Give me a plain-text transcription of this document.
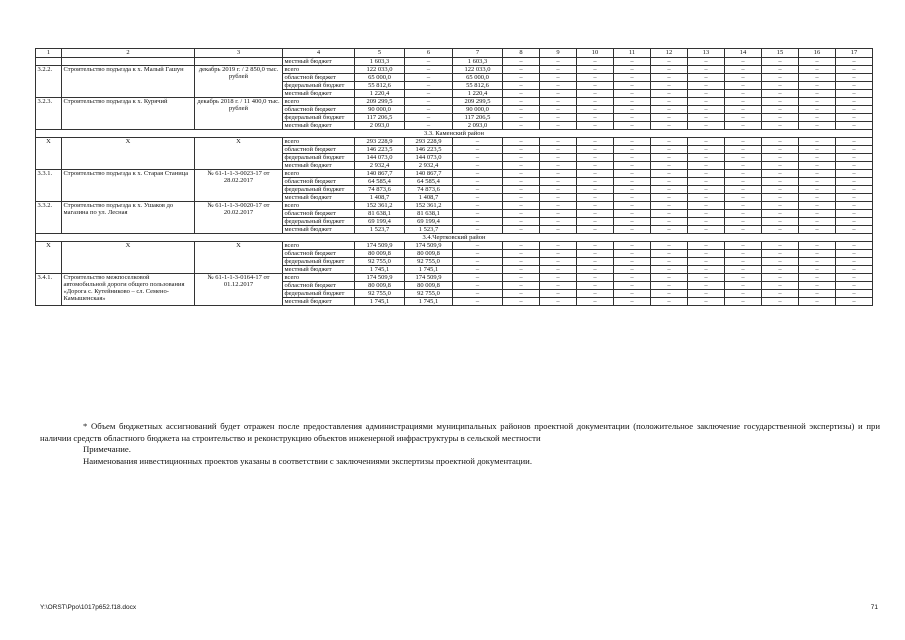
1	2	3	4	5	6	7	8	9	10	11	12	13	14	15	16	17
			местный бюджет	1 603,3	–	1 603,3	–	–	–	–	–	–	–	–	–	–
3.2.2.	Строительство подъезда к х. Малый Гашун	декабрь 2019 г. / 2 850,0 тыс. рублей	всего	122 033,0	–	122 033,0	–	–	–	–	–	–	–	–	–	–
			областной бюджет	65 000,0	–	65 000,0	–	–	–	–	–	–	–	–	–	–
			федеральный бюджет	55 812,6	–	55 812,6	–	–	–	–	–	–	–	–	–	–
			местный бюджет	1 220,4	–	1 220,4	–	–	–	–	–	–	–	–	–	–
3.2.3.	Строительство подъезда к х. Курячий	декабрь 2018 г. / 11 400,0 тыс. рублей	всего	209 299,5	–	209 299,5	–	–	–	–	–	–	–	–	–	–
			областной бюджет	90 000,0	–	90 000,0	–	–	–	–	–	–	–	–	–	–
			федеральный бюджет	117 206,5	–	117 206,5	–	–	–	–	–	–	–	–	–	–
			местный бюджет	2 093,0	–	2 093,0	–	–	–	–	–	–	–	–	–	–
3.3. Каменский район																
Х	Х	Х	всего	293 228,9	293 228,9	–	–	–	–	–	–	–	–	–	–	–
			областной бюджет	146 223,5	146 223,5	–	–	–	–	–	–	–	–	–	–	–
			федеральный бюджет	144 073,0	144 073,0	–	–	–	–	–	–	–	–	–	–	–
			местный бюджет	2 932,4	2 932,4	–	–	–	–	–	–	–	–	–	–	–
3.3.1.	Строительство подъезда к х. Старая Станица	№ 61-1-1-3-0023-17 от 28.02.2017	всего	140 867,7	140 867,7	–	–	–	–	–	–	–	–	–	–	–
			областной бюджет	64 585,4	64 585,4	–	–	–	–	–	–	–	–	–	–	–
			федеральный бюджет	74 873,6	74 873,6	–	–	–	–	–	–	–	–	–	–	–
			местный бюджет	1 408,7	1 408,7	–	–	–	–	–	–	–	–	–	–	–
3.3.2.	Строительство подъезда к х. Ушаков до магазина по ул. Лесная	№ 61-1-1-3-0020-17 от 20.02.2017	всего	152 361,2	152 361,2	–	–	–	–	–	–	–	–	–	–	–
			областной бюджет	81 638,1	81 638,1	–	–	–	–	–	–	–	–	–	–	–
			федеральный бюджет	69 199,4	69 199,4	–	–	–	–	–	–	–	–	–	–	–
			местный бюджет	1 523,7	1 523,7	–	–	–	–	–	–	–	–	–	–	–
3.4.Чертковский район																
Х	Х	Х	всего	174 509,9	174 509,9	–	–	–	–	–	–	–	–	–	–	–
			областной бюджет	80 009,8	80 009,8	–	–	–	–	–	–	–	–	–	–	–
			федеральный бюджет	92 755,0	92 755,0	–	–	–	–	–	–	–	–	–	–	–
			местный бюджет	1 745,1	1 745,1	–	–	–	–	–	–	–	–	–	–	–
3.4.1.	Строительство межпоселковой автомобильной дороги общего пользования «Дорога с. Кутейниково – сл. Семено-Камышенская»	№ 61-1-1-3-0164-17 от 01.12.2017	всего	174 509,9	174 509,9	–	–	–	–	–	–	–	–	–	–	–
			областной бюджет	80 009,8	80 009,8	–	–	–	–	–	–	–	–	–	–	–
			федеральный бюджет	92 755,0	92 755,0	–	–	–	–	–	–	–	–	–	–	–
			местный бюджет	1 745,1	1 745,1	–	–	–	–	–	–	–	–	–	–	–

* Объем бюджетных ассигнований будет отражен после предоставления администрациями муниципальных районов проектной документации (положительное заключение государственной экспертизы) и при наличии средств областного бюджета на строительство и реконструкцию объектов инженерной инфраструктуры в сельской местности

Примечание.

Наименования инвестиционных проектов указаны в соответствии с заключениями экспертизы проектной документации.

Y:\ORST\Ppo\1017p652.f18.docx	71
